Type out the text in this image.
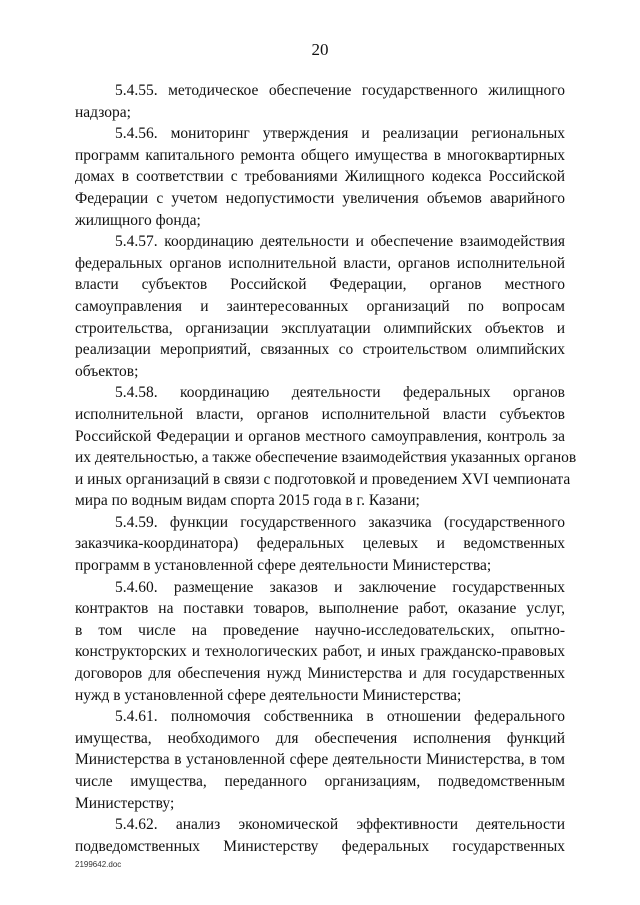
20

5.4.55. методическое обеспечение государственного жилищного
надзора;

5.4.56. мониторинг утверждения и реализации региональных
программ капитального ремонта общего имущества в многоквартирных
домах в соответствии с требованиями Жилищного кодекса Российской
Федерации с учетом недопустимости увеличения объемов аварийного
жилищного фонда;

5.4.57. координацию деятельности и обеспечение взаимодействия
федеральных органов исполнительной власти, органов исполнительной
власти субъектов Российской Федерации, органов местного
самоуправления и заинтересованных организаций по вопросам
строительства, организации эксплуатации олимпийских объектов и
реализации мероприятий, связанных со строительством олимпийских
объектов;

5.4.58. координацию деятельности федеральных органов
исполнительной власти, органов исполнительной власти субъектов
Российской Федерации и органов местного самоуправления, контроль за
их деятельностью, а также обеспечение взаимодействия указанных органов
и иных организаций в связи с подготовкой и проведением XVI чемпионата
мира по водным видам спорта 2015 года в г. Казани;

5.4.59. функции государственного заказчика (государственного
заказчика-координатора) федеральных целевых и ведомственных
программ в установленной сфере деятельности Министерства;

5.4.60. размещение заказов и заключение государственных
контрактов на поставки товаров, выполнение работ, оказание услуг,
в том числе на проведение научно-исследовательских, опытно-
конструкторских и технологических работ, и иных гражданско-правовых
договоров для обеспечения нужд Министерства и для государственных
нужд в установленной сфере деятельности Министерства;

5.4.61. полномочия собственника в отношении федерального
имущества, необходимого для обеспечения исполнения функций
Министерства в установленной сфере деятельности Министерства, в том
числе имущества, переданного организациям, подведомственным
Министерству;

5.4.62. анализ экономической эффективности деятельности
подведомственных Министерству федеральных государственных

2199642.doc
